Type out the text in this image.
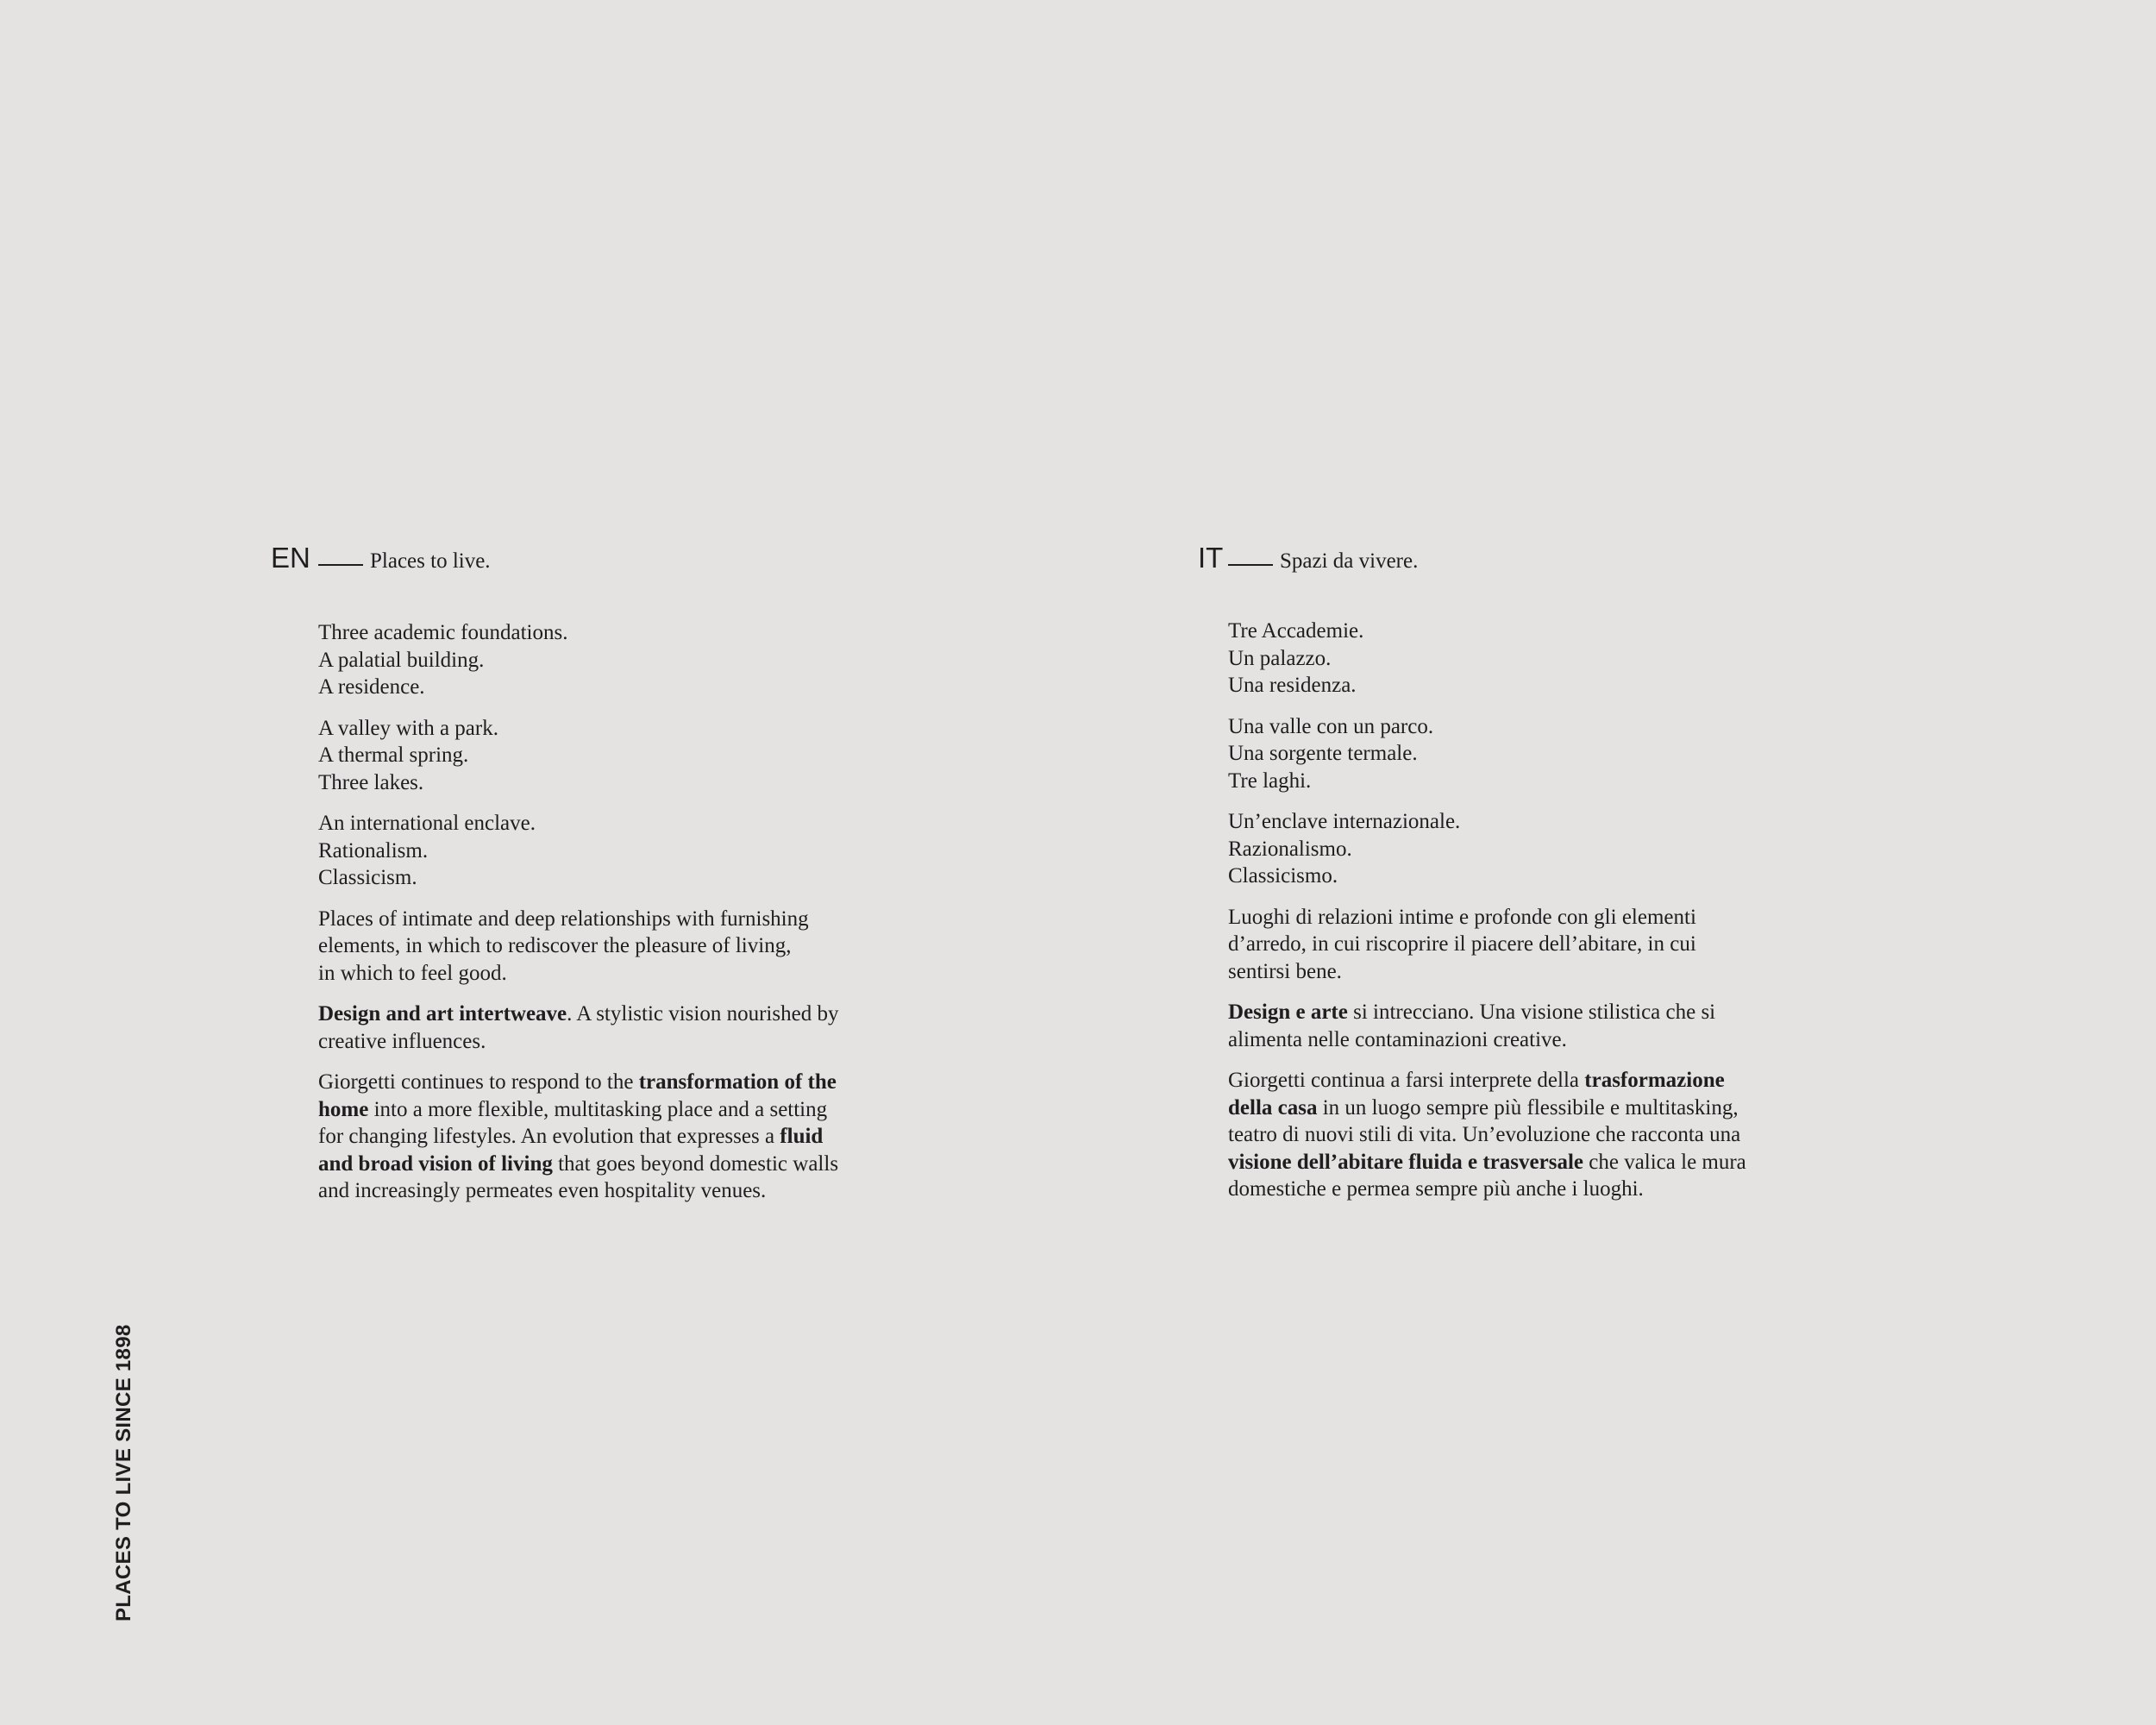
EN	Places to live.

Three academic foundations.
A palatial building.
A residence.

A valley with a park.
A thermal spring.
Three lakes.

An international enclave.
Rationalism.
Classicism.

Places of intimate and deep relationships with furnishing
elements, in which to rediscover the pleasure of living,
in which to feel good.

Design and art intertweave. A stylistic vision nourished by
creative influences.

Giorgetti continues to respond to the transformation of the
home into a more flexible, multitasking place and a setting
for changing lifestyles. An evolution that expresses a fluid
and broad vision of living that goes beyond domestic walls
and increasingly permeates even hospitality venues.

IT	Spazi da vivere.

Tre Accademie.
Un palazzo.
Una residenza.

Una valle con un parco.
Una sorgente termale.
Tre laghi.

Un’enclave internazionale.
Razionalismo.
Classicismo.

Luoghi di relazioni intime e profonde con gli elementi
d’arredo, in cui riscoprire il piacere dell’abitare, in cui
sentirsi bene.

Design e arte si intrecciano. Una visione stilistica che si
alimenta nelle contaminazioni creative.

Giorgetti continua a farsi interprete della trasformazione
della casa in un luogo sempre più flessibile e multitasking,
teatro di nuovi stili di vita. Un’evoluzione che racconta una
visione dell’abitare fluida e trasversale che valica le mura
domestiche e permea sempre più anche i luoghi.

PLACES TO LIVE SINCE 1898
